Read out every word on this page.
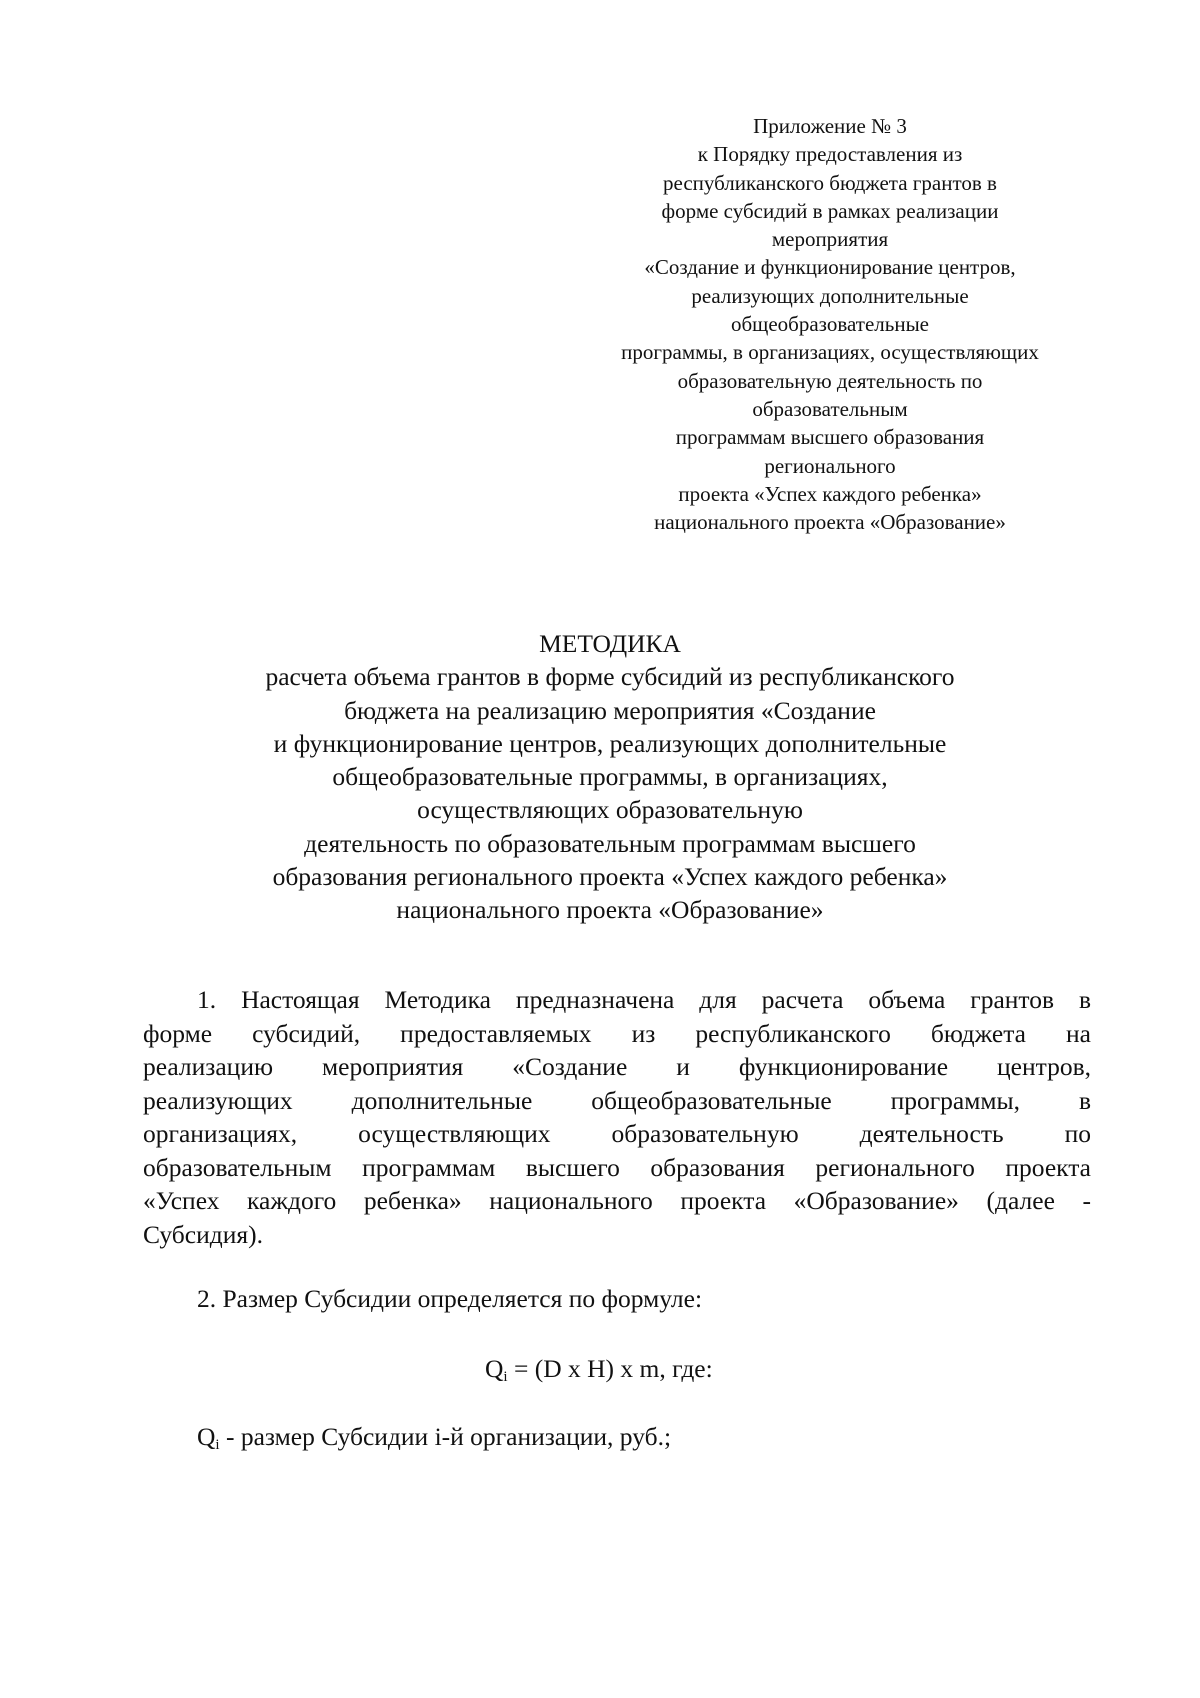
Приложение № 3
к Порядку предоставления из
республиканского бюджета грантов в
форме субсидий в рамках реализации
мероприятия
«Создание и функционирование центров,
реализующих дополнительные
общеобразовательные
программы, в организациях, осуществляющих
образовательную деятельность по
образовательным
программам высшего образования
регионального
проекта «Успех каждого ребенка»
национального проекта «Образование»
МЕТОДИКА
расчета объема грантов в форме субсидий из республиканского
бюджета на реализацию мероприятия «Создание
и функционирование центров, реализующих дополнительные
общеобразовательные программы, в организациях,
осуществляющих образовательную
деятельность по образовательным программам высшего
образования регионального проекта «Успех каждого ребенка»
национального проекта «Образование»
1. Настоящая Методика предназначена для расчета объема грантов в
форме субсидий, предоставляемых из республиканского бюджета на
реализацию мероприятия «Создание и функционирование центров,
реализующих дополнительные общеобразовательные программы, в
организациях, осуществляющих образовательную деятельность по
образовательным программам высшего образования регионального проекта
«Успех каждого ребенка» национального проекта «Образование» (далее -
Субсидия).
2. Размер Субсидии определяется по формуле:
$Q_i = (D$ x H) x m, где:
$Q_i$ - размер Субсидии i-й организации, руб.;
